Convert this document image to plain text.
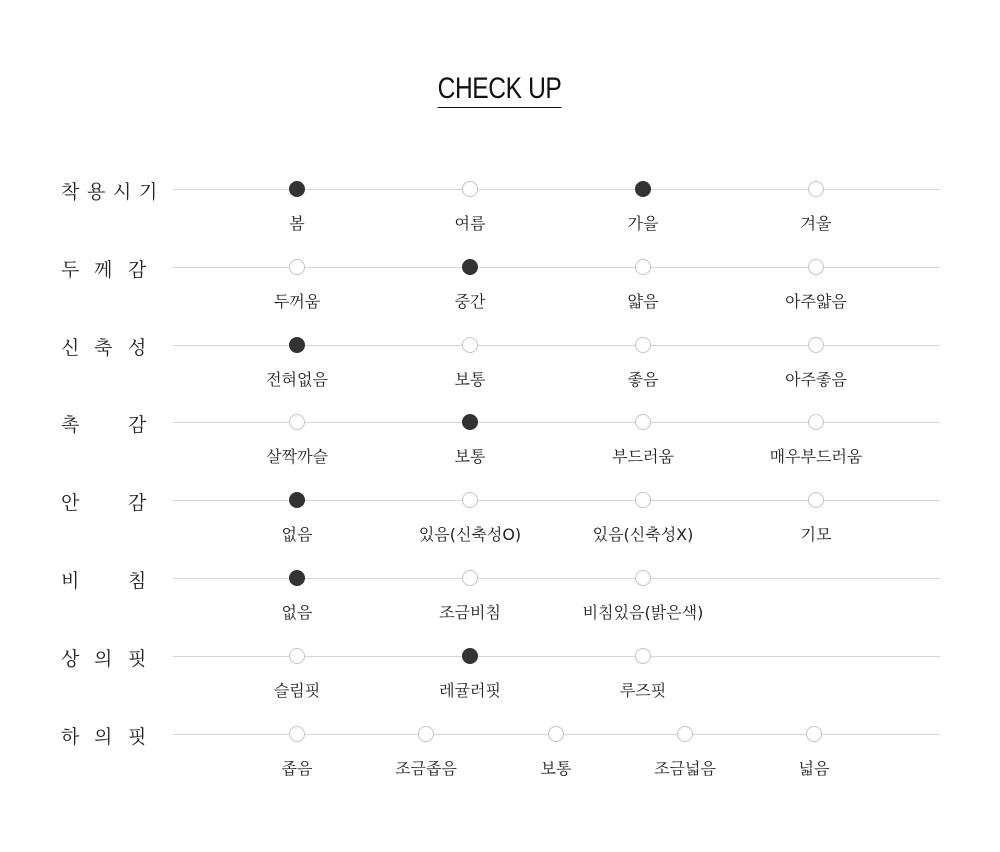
CHECK UP
착 용 시 기
봄	여름	가을	겨울
두 께 감
두꺼움	중간	얇음	아주얇음
신 축 성
전혀없음	보통	좋음	아주좋음
촉	감
살짝까슬	보통	부드러움	매우부드러움
안	감
없음	있음(신축성O)	있음(신축성X)	기모
비	침
없음	조금비침	비침있음(밝은색)
상 의 핏
슬림핏	레귤러핏	루즈핏
하 의 핏
좁음	조금좁음	보통	조금넓음	넓음
